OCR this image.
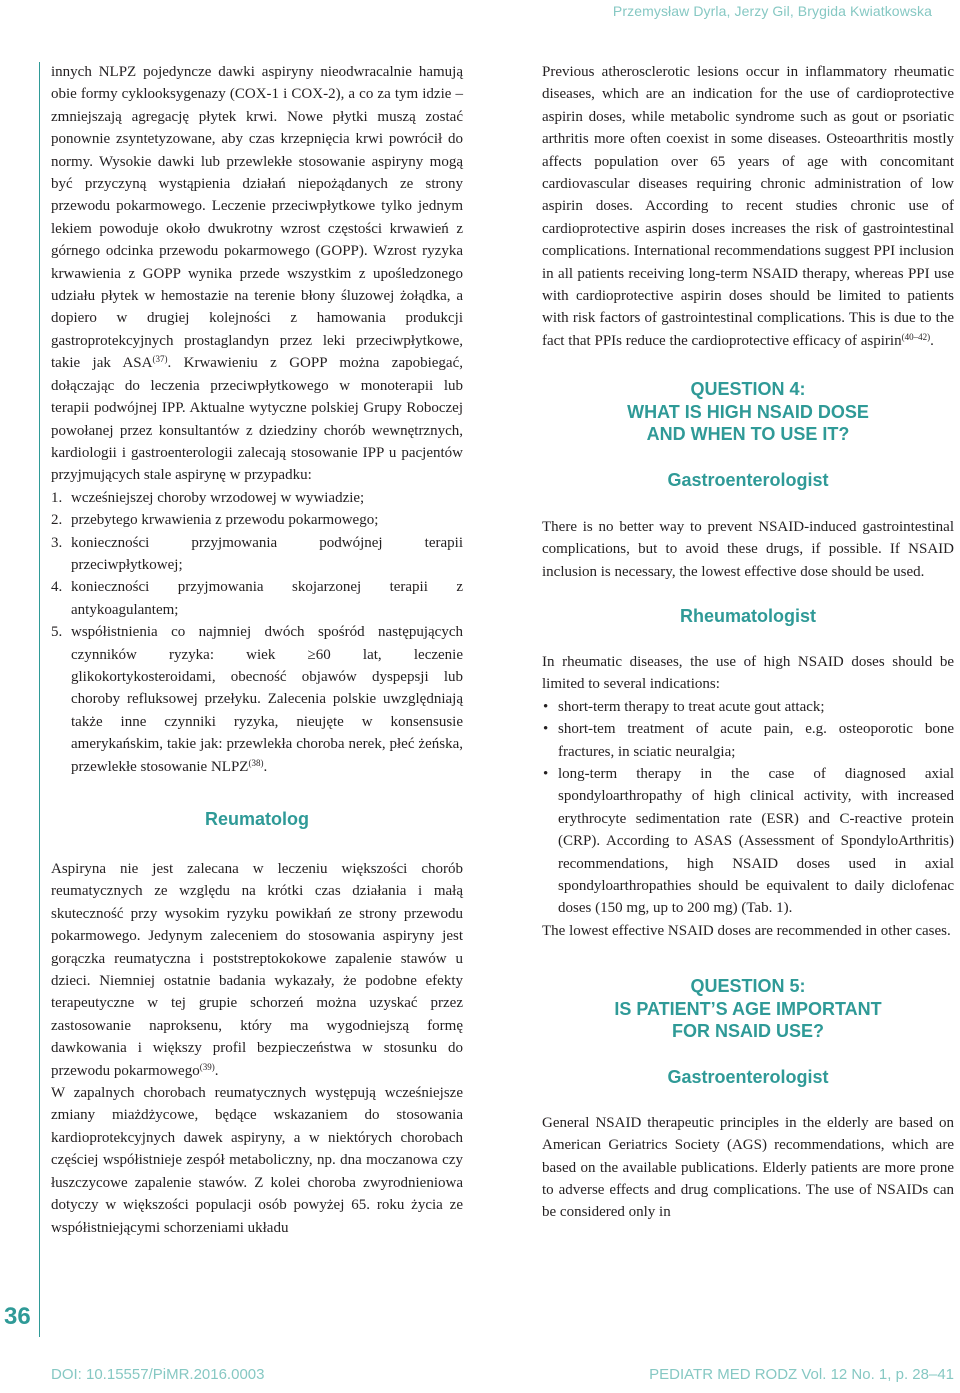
Przemysław Dyrla, Jerzy Gil, Brygida Kwiatkowska
36

innych NLPZ pojedyncze dawki aspiryny nieodwracalnie hamują obie formy cyklooksygenazy (COX-1 i COX-2), a co za tym idzie – zmniejszają agregację płytek krwi. Nowe płytki muszą zostać ponownie zsyntetyzowane, aby czas krzepnięcia krwi powrócił do normy. Wysokie dawki lub przewlekłe stosowanie aspiryny mogą być przyczyną wystąpienia działań niepożądanych ze strony przewodu pokarmowego. Leczenie przeciwpłytkowe tylko jednym lekiem powoduje około dwukrotny wzrost częstości krwawień z górnego odcinka przewodu pokarmowego (GOPP). Wzrost ryzyka krwawienia z GOPP wynika przede wszystkim z upośledzonego udziału płytek w hemostazie na terenie błony śluzowej żołądka, a dopiero w drugiej kolejności z hamowania produkcji gastroprotekcyjnych prostaglandyn przez leki przeciwpłytkowe, takie jak ASA$^{(37)}$. Krwawieniu z GOPP można zapobiegać, dołączając do leczenia przeciwpłytkowego w monoterapii lub terapii podwójnej IPP. Aktualne wytyczne polskiej Grupy Roboczej powołanej przez konsultantów z dziedziny chorób wewnętrznych, kardiologii i gastroenterologii zalecają stosowanie IPP u pacjentów przyjmujących stale aspirynę w przypadku:

1. wcześniejszej choroby wrzodowej w wywiadzie;
2. przebytego krwawienia z przewodu pokarmowego;
3. konieczności przyjmowania podwójnej terapii przeciwpłytkowej;
4. konieczności przyjmowania skojarzonej terapii z antykoagulantem;
5. współistnienia co najmniej dwóch spośród następujących czynników ryzyka: wiek ≥60 lat, leczenie glikokortykosteroidami, obecność objawów dyspepsji lub choroby refluksowej przełyku. Zalecenia polskie uwzględniają także inne czynniki ryzyka, nieujęte w konsensusie amerykańskim, takie jak: przewlekła choroba nerek, płeć żeńska, przewlekłe stosowanie NLPZ$^{(38)}$.
Reumatolog

Aspiryna nie jest zalecana w leczeniu większości chorób reumatycznych ze względu na krótki czas działania i małą skuteczność przy wysokim ryzyku powikłań ze strony przewodu pokarmowego. Jedynym zaleceniem do stosowania aspiryny jest gorączka reumatyczna i poststreptokokowe zapalenie stawów u dzieci. Niemniej ostatnie badania wykazały, że podobne efekty terapeutyczne w tej grupie schorzeń można uzyskać przez zastosowanie naproksenu, który ma wygodniejszą formę dawkowania i większy profil bezpieczeństwa w stosunku do przewodu pokarmowego$^{(39)}$.

W zapalnych chorobach reumatycznych występują wcześniejsze zmiany miażdżycowe, będące wskazaniem do stosowania kardioprotekcyjnych dawek aspiryny, a w niektórych chorobach częściej współistnieje zespół metaboliczny, np. dna moczanowa czy łuszczycowe zapalenie stawów. Z kolei choroba zwyrodnieniowa dotyczy w większości populacji osób powyżej 65. roku życia ze współistniejącymi schorzeniami układu

Previous atherosclerotic lesions occur in inflammatory rheumatic diseases, which are an indication for the use of cardioprotective aspirin doses, while metabolic syndrome such as gout or psoriatic arthritis more often coexist in some diseases. Osteoarthritis mostly affects population over 65 years of age with concomitant cardiovascular diseases requiring chronic administration of low aspirin doses. According to recent studies chronic use of cardioprotective aspirin doses increases the risk of gastrointestinal complications. International recommendations suggest PPI inclusion in all patients receiving long-term NSAID therapy, whereas PPI use with cardioprotective aspirin doses should be limited to patients with risk factors of gastrointestinal complications. This is due to the fact that PPIs reduce the cardioprotective efficacy of aspirin$^{(40-42)}$.

QUESTION 4:
WHAT IS HIGH NSAID DOSE
AND WHEN TO USE IT?
Gastroenterologist

There is no better way to prevent NSAID-induced gastrointestinal complications, but to avoid these drugs, if possible. If NSAID inclusion is necessary, the lowest effective dose should be used.

Rheumatologist

In rheumatic diseases, the use of high NSAID doses should be limited to several indications:

• short-term therapy to treat acute gout attack;
• short-tem treatment of acute pain, e.g. osteoporotic bone fractures, in sciatic neuralgia;
• long-term therapy in the case of diagnosed axial spondyloarthropathy of high clinical activity, with increased erythrocyte sedimentation rate (ESR) and C-reactive protein (CRP). According to ASAS (Assessment of SpondyloArthritis) recommendations, high NSAID doses used in axial spondyloarthropathies should be equivalent to daily diclofenac doses (150 mg, up to 200 mg) (Tab. 1).

The lowest effective NSAID doses are recommended in other cases.

QUESTION 5:
IS PATIENT’S AGE IMPORTANT
FOR NSAID USE?
Gastroenterologist

General NSAID therapeutic principles in the elderly are based on American Geriatrics Society (AGS) recommendations, which are based on the available publications. Elderly patients are more prone to adverse effects and drug complications. The use of NSAIDs can be considered only in

DOI: 10.15557/PiMR.2016.0003	PEDIATR MED RODZ Vol. 12 No. 1, p. 28–41
